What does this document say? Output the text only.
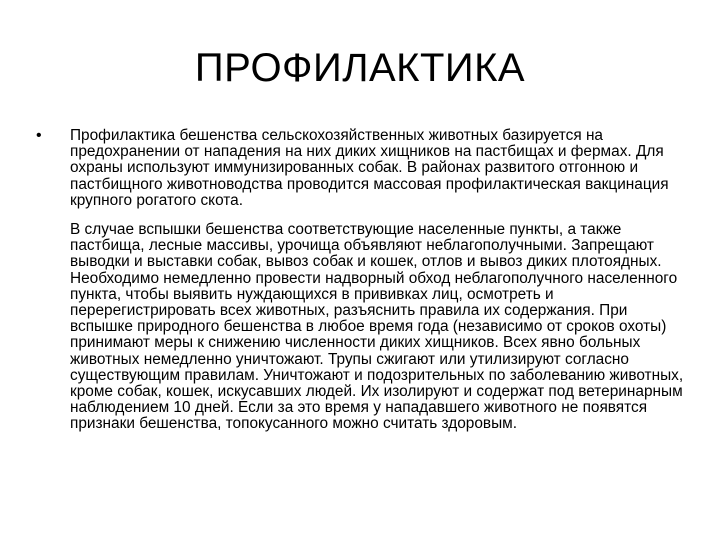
ПРОФИЛАКТИКА
•	Профилактика бешенства сельскохозяйственных животных базируется на предохранении от нападения на них диких хищников на пастбищах и фермах. Для охраны используют иммунизированных собак. В районах развитого отгонною и пастбищного животноводства проводится массовая профилактическая вакцинация крупного рогатого скота.

В случае вспышки бешенства соответствующие населенные пункты, а также пастбища, лесные массивы, урочища объявляют неблагополучными. Запрещают выводки и выставки собак, вывоз собак и кошек, отлов и вывоз диких плотоядных. Необходимо немедленно провести надворный обход неблагополучного населенного пункта, чтобы выявить нуждающихся в прививках лиц, осмотреть и перерегистрировать всех животных, разъяснить правила их содержания. При вспышке природного бешенства в любое время года (независимо от сроков охоты) принимают меры к снижению численности диких хищников. Всех явно больных животных немедленно уничтожают. Трупы сжигают или утилизируют согласно существующим правилам. Уничтожают и подозрительных по заболеванию животных, кроме собак, кошек, искусавших людей. Их изолируют и содержат под ветеринарным наблюдением 10 дней. Если за это время у нападавшего животного не появятся признаки бешенства, топокусанного можно считать здоровым.
